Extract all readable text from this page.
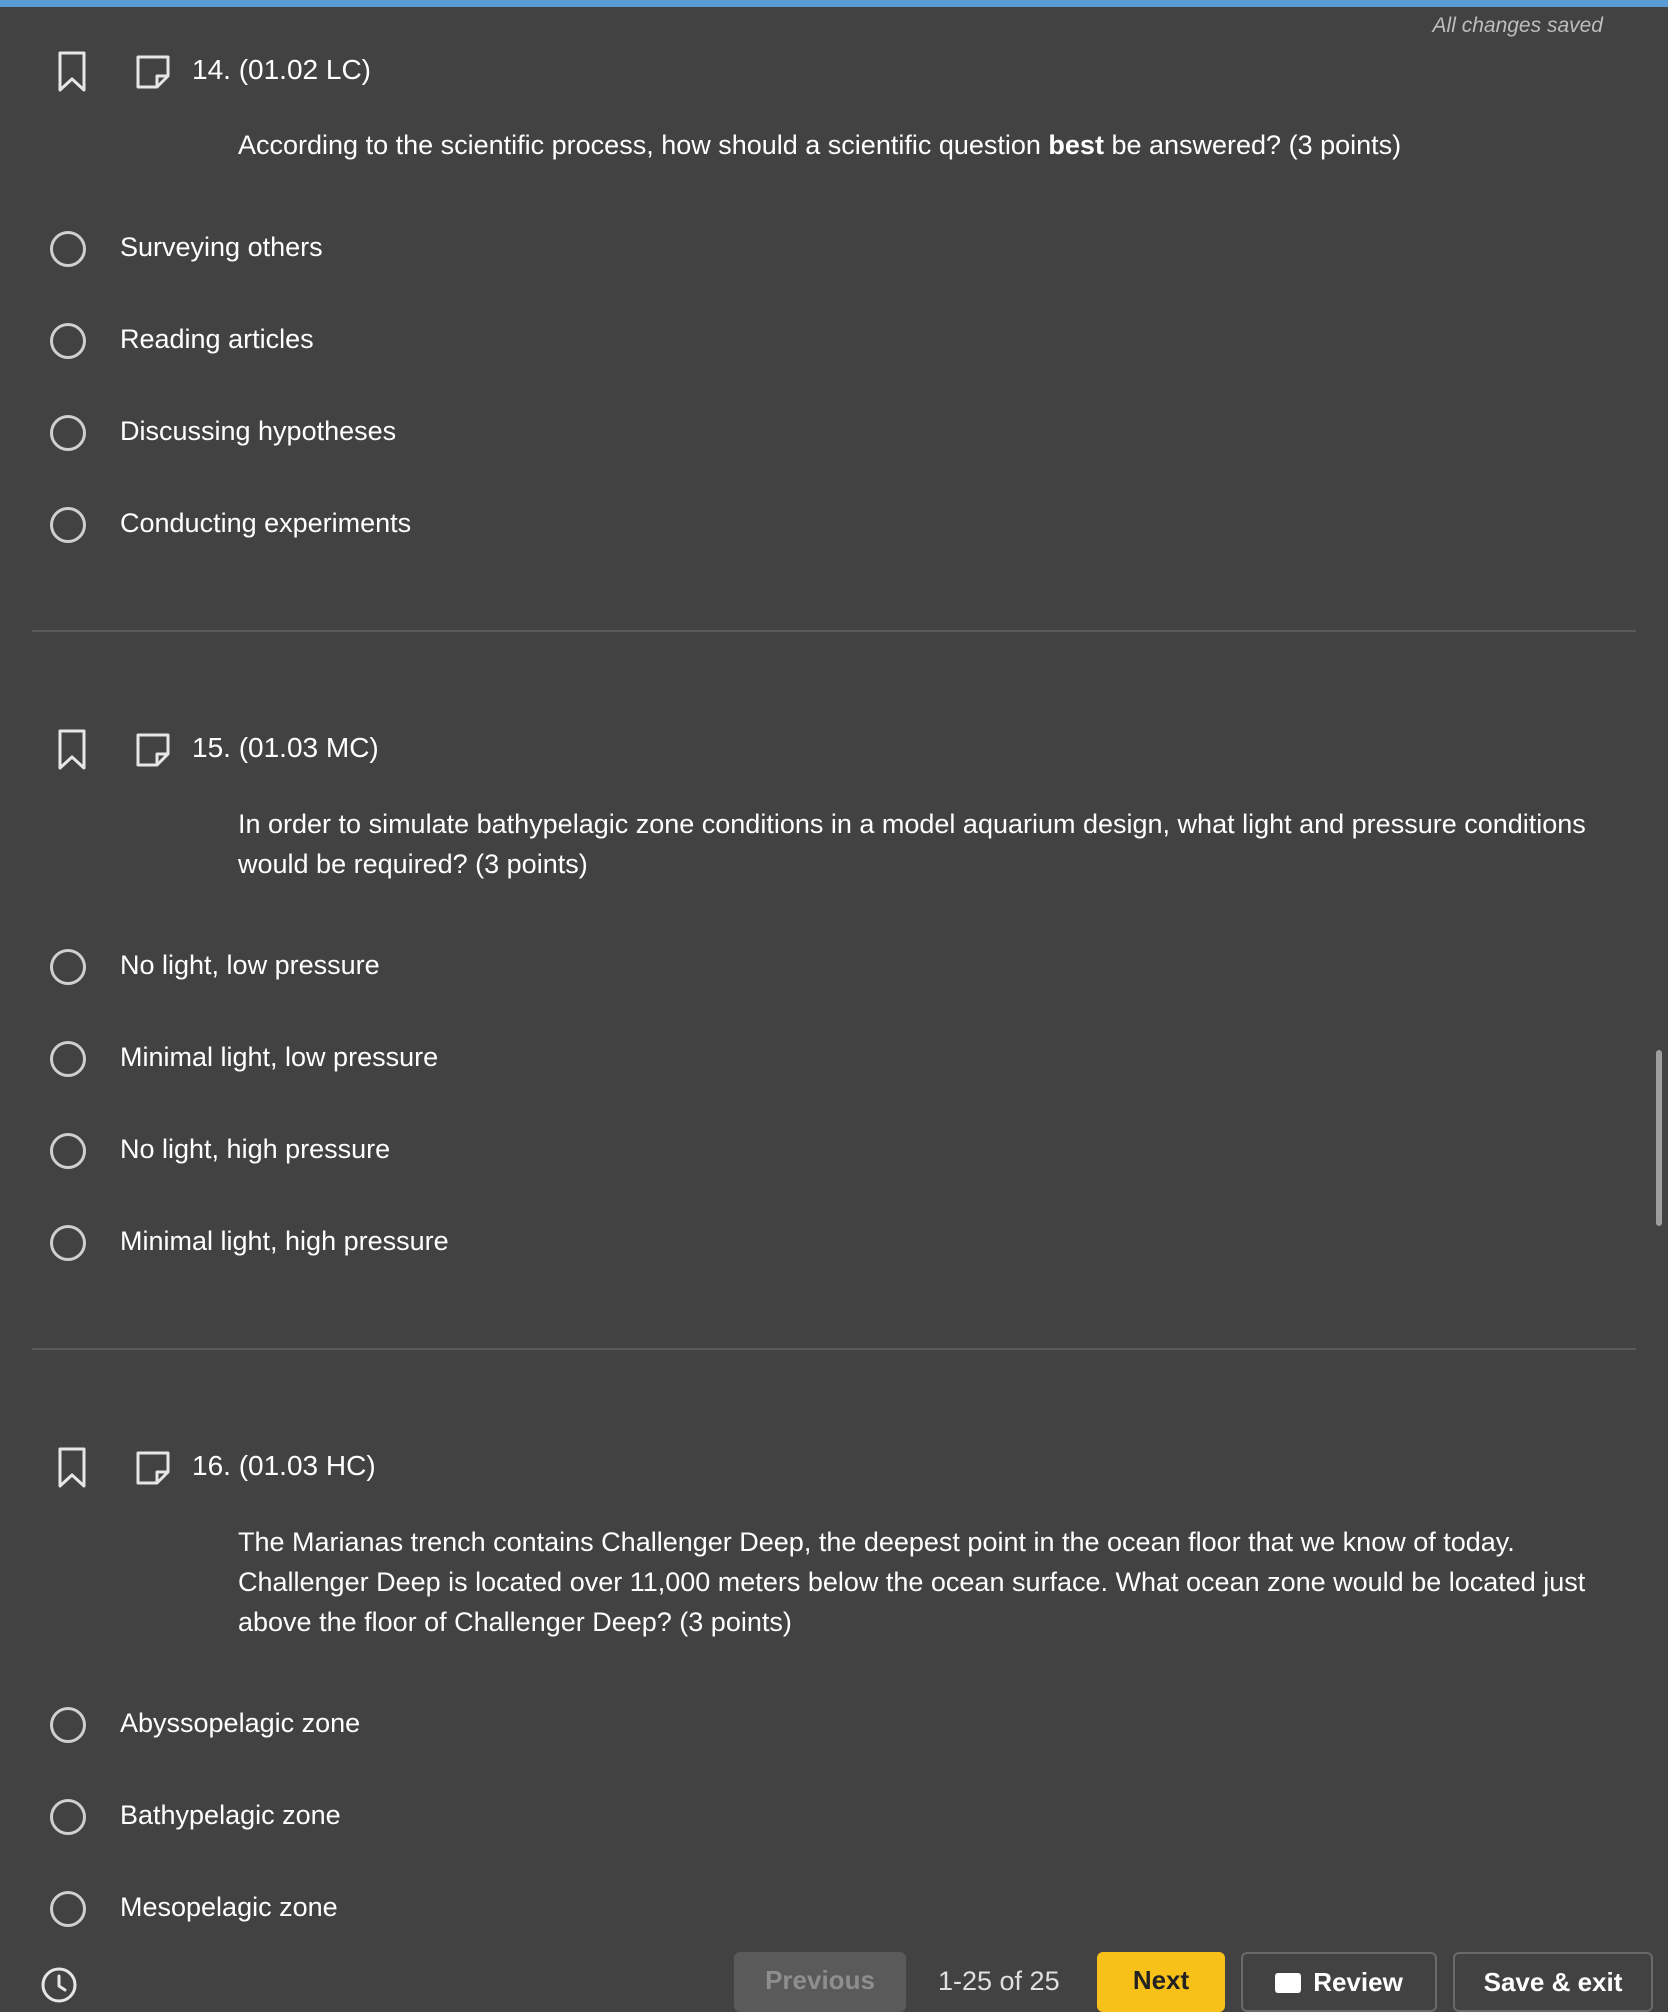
All changes saved
14. (01.02 LC)
According to the scientific process, how should a scientific question best be answered? (3 points)
Surveying others
Reading articles
Discussing hypotheses
Conducting experiments
15. (01.03 MC)
In order to simulate bathypelagic zone conditions in a model aquarium design, what light and pressure conditions would be required? (3 points)
No light, low pressure
Minimal light, low pressure
No light, high pressure
Minimal light, high pressure
16. (01.03 HC)
The Marianas trench contains Challenger Deep, the deepest point in the ocean floor that we know of today. Challenger Deep is located over 11,000 meters below the ocean surface. What ocean zone would be located just above the floor of Challenger Deep? (3 points)
Abyssopelagic zone
Bathypelagic zone
Mesopelagic zone
Previous	1-25 of 25	Next	Review	Save & exit
